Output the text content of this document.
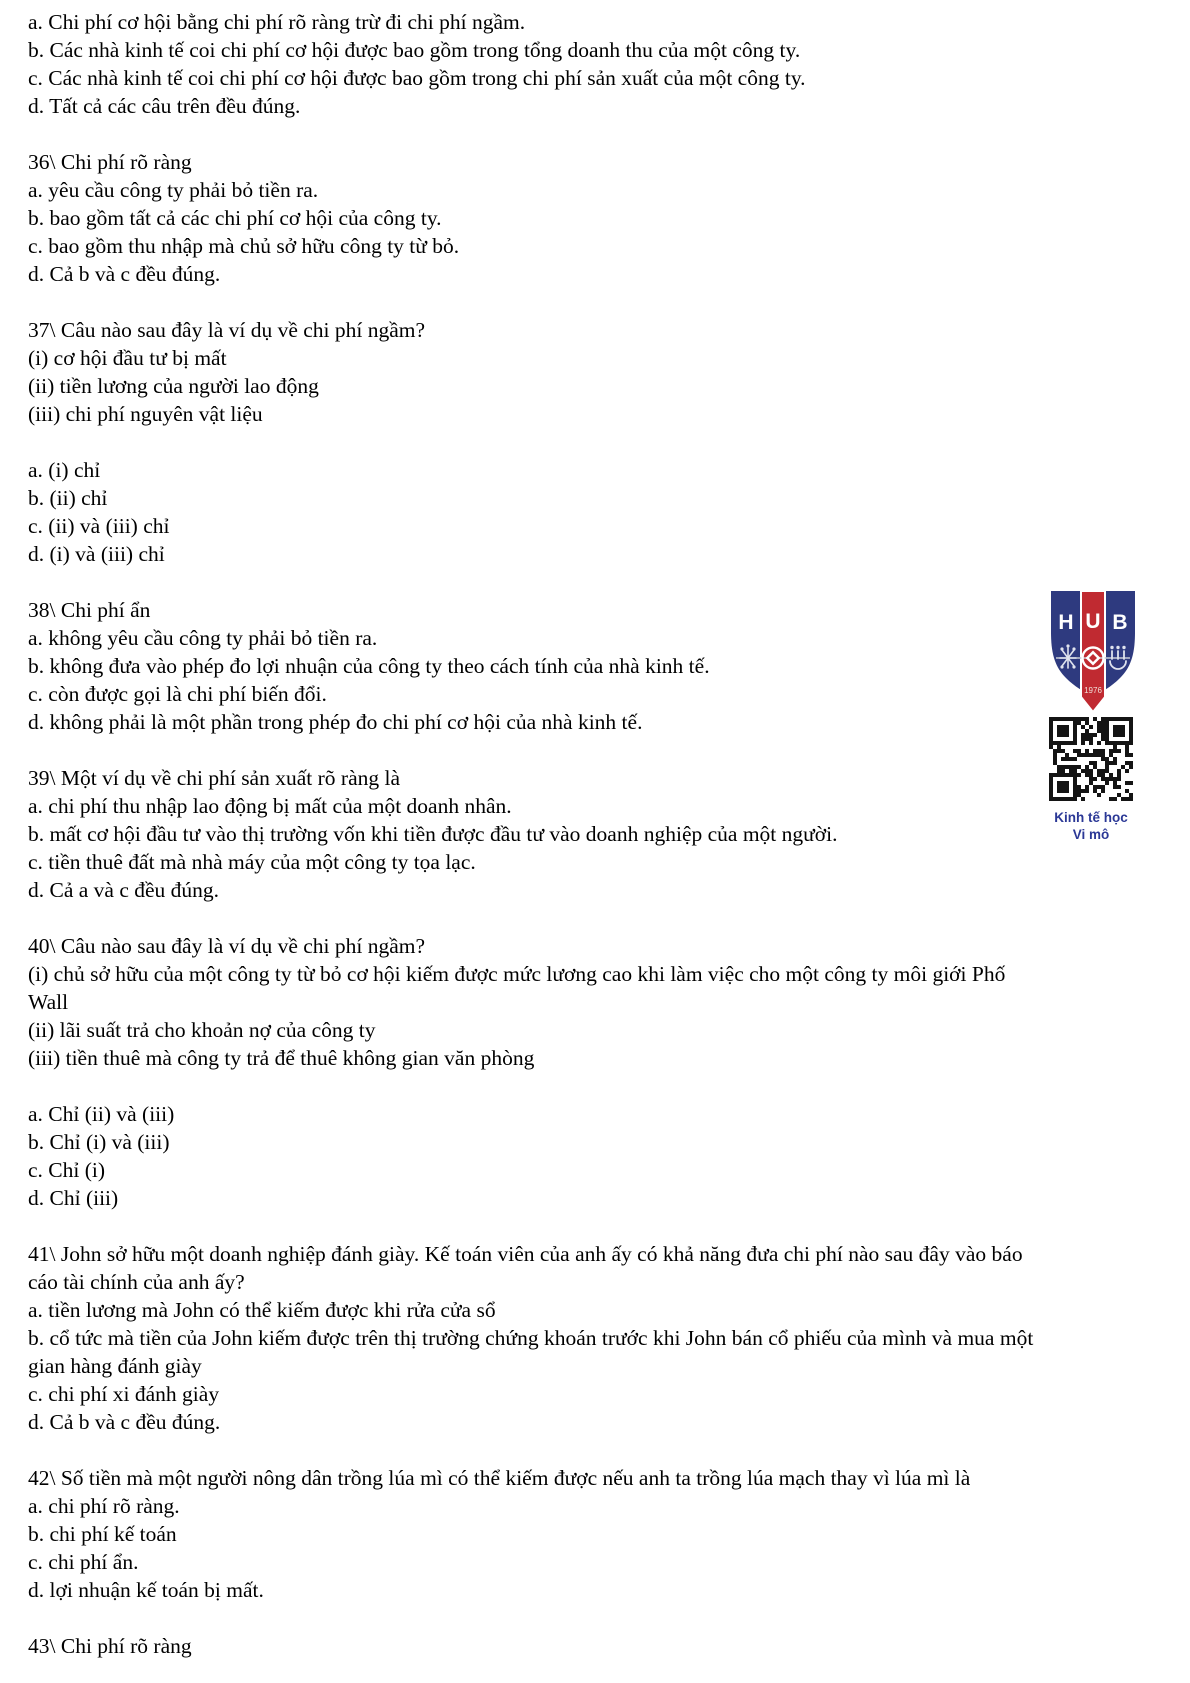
a. Chi phí cơ hội bằng chi phí rõ ràng trừ đi chi phí ngầm.
b. Các nhà kinh tế coi chi phí cơ hội được bao gồm trong tổng doanh thu của một công ty.
c. Các nhà kinh tế coi chi phí cơ hội được bao gồm trong chi phí sản xuất của một công ty.
d. Tất cả các câu trên đều đúng.
36\ Chi phí rõ ràng
a. yêu cầu công ty phải bỏ tiền ra.
b. bao gồm tất cả các chi phí cơ hội của công ty.
c. bao gồm thu nhập mà chủ sở hữu công ty từ bỏ.
d. Cả b và c đều đúng.
37\ Câu nào sau đây là ví dụ về chi phí ngầm?
(i) cơ hội đầu tư bị mất
(ii) tiền lương của người lao động
(iii) chi phí nguyên vật liệu
a. (i) chỉ
b. (ii) chỉ
c. (ii) và (iii) chỉ
d. (i) và (iii) chỉ
38\ Chi phí ẩn
a. không yêu cầu công ty phải bỏ tiền ra.
b. không đưa vào phép đo lợi nhuận của công ty theo cách tính của nhà kinh tế.
c. còn được gọi là chi phí biến đổi.
d. không phải là một phần trong phép đo chi phí cơ hội của nhà kinh tế.
39\ Một ví dụ về chi phí sản xuất rõ ràng là
a. chi phí thu nhập lao động bị mất của một doanh nhân.
b. mất cơ hội đầu tư vào thị trường vốn khi tiền được đầu tư vào doanh nghiệp của một người.
c. tiền thuê đất mà nhà máy của một công ty tọa lạc.
d. Cả a và c đều đúng.
40\ Câu nào sau đây là ví dụ về chi phí ngầm?
(i) chủ sở hữu của một công ty từ bỏ cơ hội kiếm được mức lương cao khi làm việc cho một công ty môi giới Phố
Wall
(ii) lãi suất trả cho khoản nợ của công ty
(iii) tiền thuê mà công ty trả để thuê không gian văn phòng
a. Chỉ (ii) và (iii)
b. Chỉ (i) và (iii)
c. Chỉ (i)
d. Chỉ (iii)
41\ John sở hữu một doanh nghiệp đánh giày. Kế toán viên của anh ấy có khả năng đưa chi phí nào sau đây vào báo
cáo tài chính của anh ấy?
a. tiền lương mà John có thể kiếm được khi rửa cửa sổ
b. cổ tức mà tiền của John kiếm được trên thị trường chứng khoán trước khi John bán cổ phiếu của mình và mua một
gian hàng đánh giày
c. chi phí xi đánh giày
d. Cả b và c đều đúng.
42\ Số tiền mà một người nông dân trồng lúa mì có thể kiếm được nếu anh ta trồng lúa mạch thay vì lúa mì là
a. chi phí rõ ràng.
b. chi phí kế toán
c. chi phí ẩn.
d. lợi nhuận kế toán bị mất.
43\ Chi phí rõ ràng
H U B
1976
Kinh tế học
Vi mô
